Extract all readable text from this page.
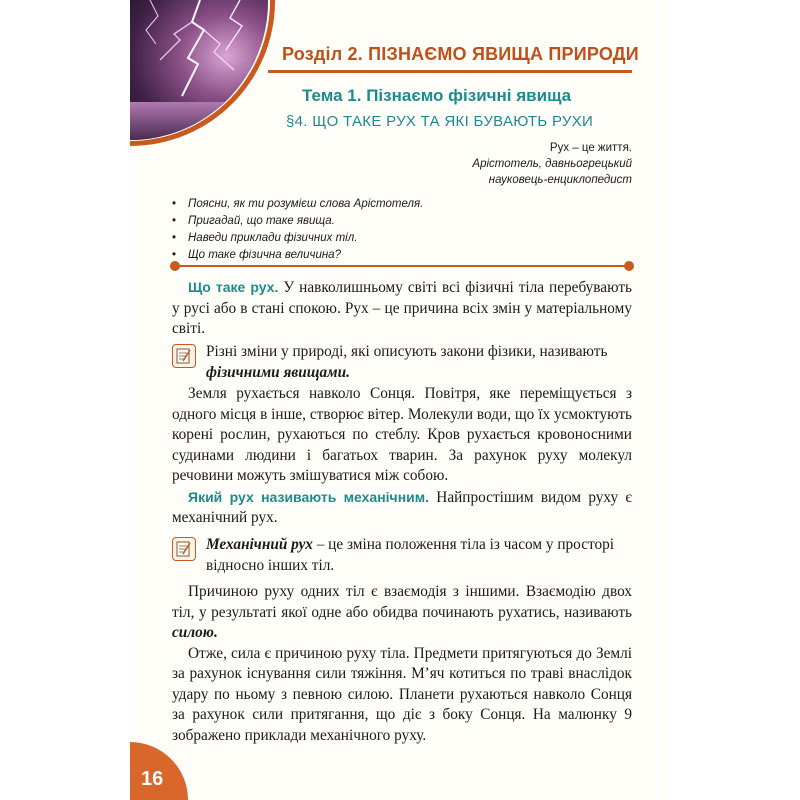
Розділ 2. ПІЗНАЄМО ЯВИЩА ПРИРОДИ
Тема 1. Пізнаємо фізичні явища
§4. ЩО ТАКЕ РУХ ТА ЯКІ БУВАЮТЬ РУХИ
Рух – це життя.
Арістотель, давньогрецький
науковець-енциклопедист
• Поясни, як ти розумієш слова Арістотеля.
• Пригадай, що таке явища.
• Наведи приклади фізичних тіл.
• Що таке фізична величина?

Що таке рух. У навколишньому світі всі фізичні тіла перебувають у русі або в стані спокою. Рух – це причина всіх змін у матеріальному світі.

Різні зміни у природі, які описують закони фізики, називають фізичними явищами.

Земля рухається навколо Сонця. Повітря, яке переміщується з одного місця в інше, створює вітер. Молекули води, що їх усмоктують корені рослин, рухаються по стеблу. Кров рухається кровоносними судинами людини і багатьох тварин. За рахунок руху молекул речовини можуть змішуватися між собою.

Який рух називають механічним. Найпростішим видом руху є механічний рух.

Механічний рух – це зміна положення тіла із часом у просторі відносно інших тіл.

Причиною руху одних тіл є взаємодія з іншими. Взаємодію двох тіл, у результаті якої одне або обидва починають рухатись, називають силою.

Отже, сила є причиною руху тіла. Предмети притягуються до Землі за рахунок існування сили тяжіння. М’яч котиться по траві внаслідок удару по ньому з певною силою. Планети рухаються навколо Сонця за рахунок сили притягання, що діє з боку Сонця. На малюнку 9 зображено приклади механічного руху.

16
